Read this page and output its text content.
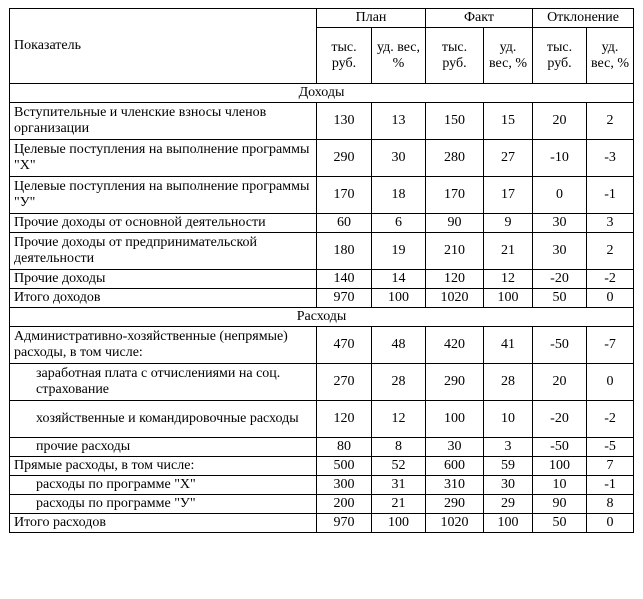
Показатель	План		Факт		Отклонение	
	тыс. руб.	уд. вес, %	тыс. руб.	уд. вес, %	тыс. руб.	уд. вес, %
Доходы						
Вступительные и членские взносы членов организации	130	13	150	15	20	2
Целевые поступления на выполнение программы "X"	290	30	280	27	-10	-3
Целевые поступления на выполнение программы "У"	170	18	170	17	0	-1
Прочие доходы от основной деятельности	60	6	90	9	30	3
Прочие доходы от предпринимательской деятельности	180	19	210	21	30	2
Прочие доходы	140	14	120	12	-20	-2
Итого доходов	970	100	1020	100	50	0
Расходы						
Административно-хозяйственные (непрямые) расходы, в том числе:	470	48	420	41	-50	-7
заработная плата с отчислениями на соц. страхование	270	28	290	28	20	0
хозяйственные и командировочные расходы	120	12	100	10	-20	-2
прочие расходы	80	8	30	3	-50	-5
Прямые расходы, в том числе:	500	52	600	59	100	7
расходы по программе "X"	300	31	310	30	10	-1
расходы по программе "У"	200	21	290	29	90	8
Итого расходов	970	100	1020	100	50	0
